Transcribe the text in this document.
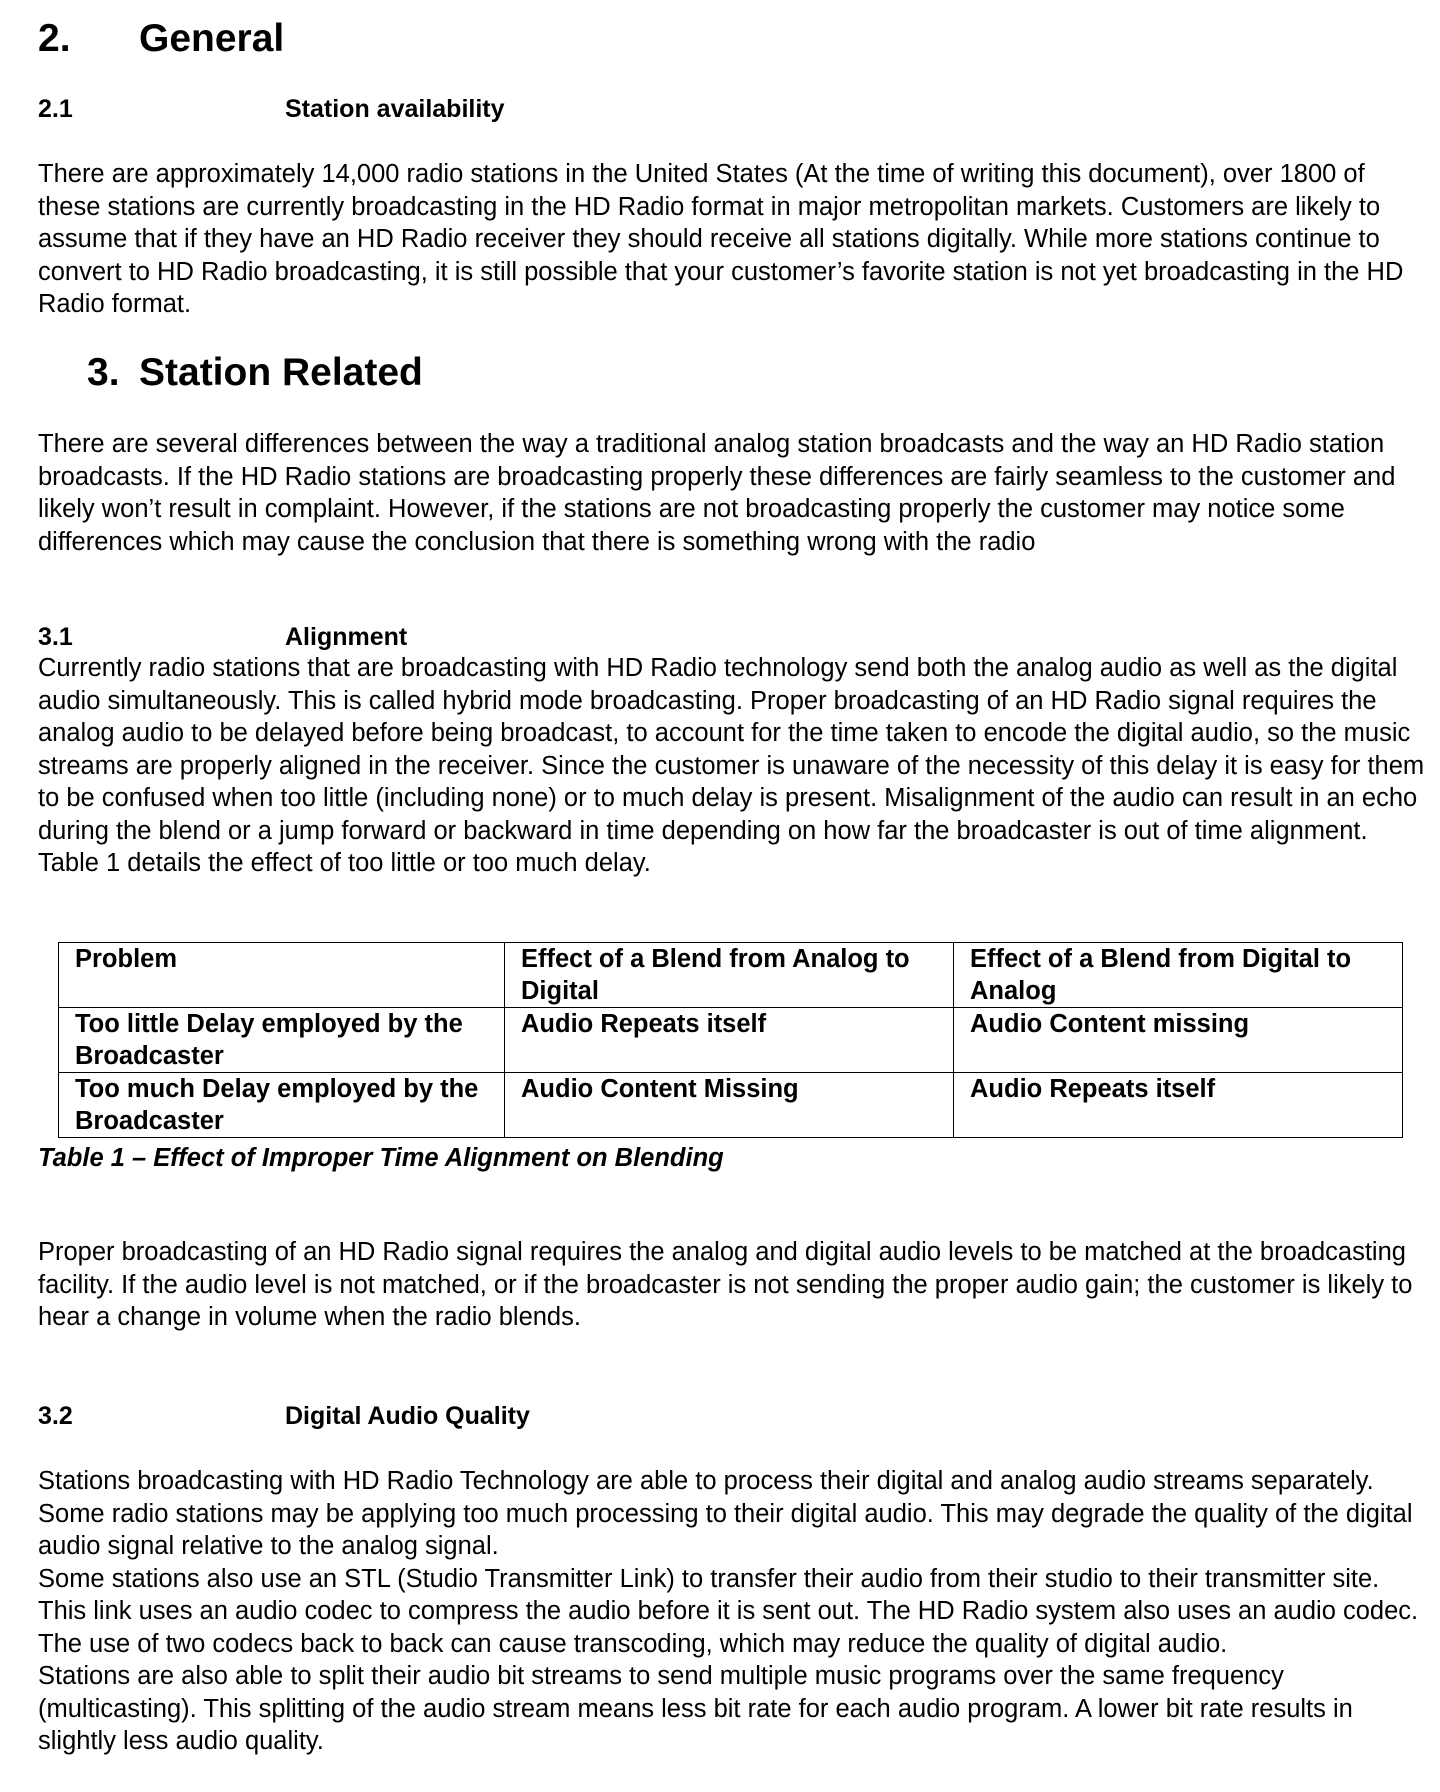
2. General
2.1	Station availability
There are approximately 14,000 radio stations in the United States (At the time of writing this document), over 1800 of these stations are currently broadcasting in the HD Radio format in major metropolitan markets. Customers are likely to assume that if they have an HD Radio receiver they should receive all stations digitally. While more stations continue to convert to HD Radio broadcasting, it is still possible that your customer’s favorite station is not yet broadcasting in the HD Radio format.
3. Station Related
There are several differences between the way a traditional analog station broadcasts and the way an HD Radio station broadcasts. If the HD Radio stations are broadcasting properly these differences are fairly seamless to the customer and likely won’t result in complaint. However, if the stations are not broadcasting properly the customer may notice some differences which may cause the conclusion that there is something wrong with the radio
3.1	Alignment
Currently radio stations that are broadcasting with HD Radio technology send both the analog audio as well as the digital audio simultaneously. This is called hybrid mode broadcasting. Proper broadcasting of an HD Radio signal requires the analog audio to be delayed before being broadcast, to account for the time taken to encode the digital audio, so the music streams are properly aligned in the receiver. Since the customer is unaware of the necessity of this delay it is easy for them to be confused when too little (including none) or to much delay is present. Misalignment of the audio can result in an echo during the blend or a jump forward or backward in time depending on how far the broadcaster is out of time alignment. Table 1 details the effect of too little or too much delay.
Problem	Effect of a Blend from Analog to Digital	Effect of a Blend from Digital to Analog
Too little Delay employed by the Broadcaster	Audio Repeats itself	Audio Content missing
Too much Delay employed by the Broadcaster	Audio Content Missing	Audio Repeats itself
Table 1 – Effect of Improper Time Alignment on Blending
Proper broadcasting of an HD Radio signal requires the analog and digital audio levels to be matched at the broadcasting facility. If the audio level is not matched, or if the broadcaster is not sending the proper audio gain; the customer is likely to hear a change in volume when the radio blends.
3.2	Digital Audio Quality

Stations broadcasting with HD Radio Technology are able to process their digital and analog audio streams separately. Some radio stations may be applying too much processing to their digital audio. This may degrade the quality of the digital audio signal relative to the analog signal.

Some stations also use an STL (Studio Transmitter Link) to transfer their audio from their studio to their transmitter site. This link uses an audio codec to compress the audio before it is sent out. The HD Radio system also uses an audio codec. The use of two codecs back to back can cause transcoding, which may reduce the quality of digital audio.

Stations are also able to split their audio bit streams to send multiple music programs over the same frequency (multicasting). This splitting of the audio stream means less bit rate for each audio program. A lower bit rate results in slightly less audio quality.
